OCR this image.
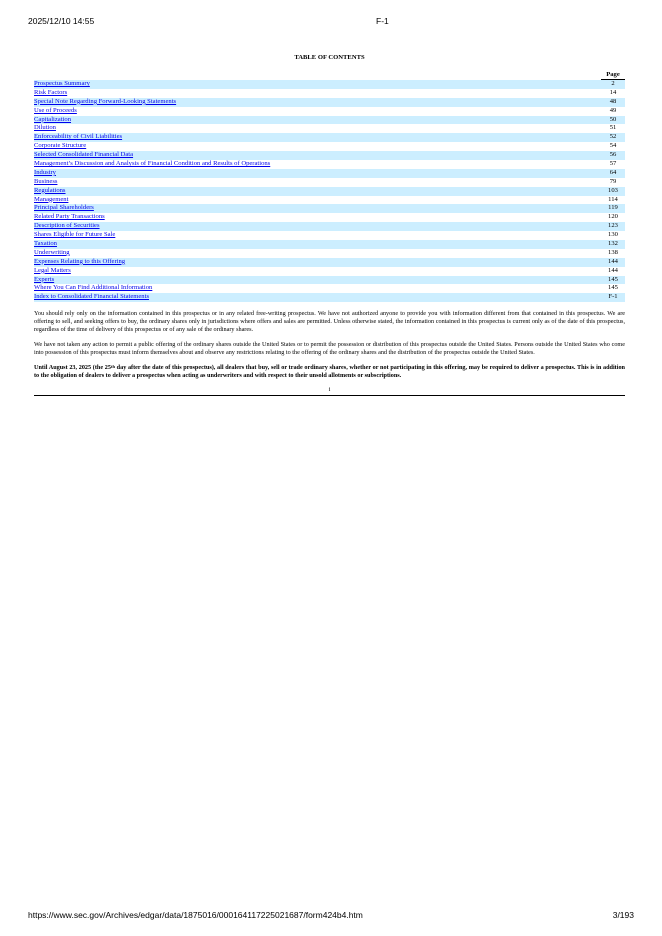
2025/12/10 14:55	F-1
TABLE OF CONTENTS
Page
Prospectus Summary	2
Risk Factors	14
Special Note Regarding Forward-Looking Statements	48
Use of Proceeds	49
Capitalization	50
Dilution	51
Enforceability of Civil Liabilities	52
Corporate Structure	54
Selected Consolidated Financial Data	56
Management’s Discussion and Analysis of Financial Condition and Results of Operations	57
Industry	64
Business	79
Regulations	103
Management	114
Principal Shareholders	119
Related Party Transactions	120
Description of Securities	123
Shares Eligible for Future Sale	130
Taxation	132
Underwriting	138
Expenses Relating to this Offering	144
Legal Matters	144
Experts	145
Where You Can Find Additional Information	145
Index to Consolidated Financial Statements	F-1

You should rely only on the information contained in this prospectus or in any related free-writing prospectus. We have not authorized anyone to provide you with information different from that contained in this prospectus. We are offering to sell, and seeking offers to buy, the ordinary shares only in jurisdictions where offers and sales are permitted. Unless otherwise stated, the information contained in this prospectus is current only as of the date of this prospectus, regardless of the time of delivery of this prospectus or of any sale of the ordinary shares.

We have not taken any action to permit a public offering of the ordinary shares outside the United States or to permit the possession or distribution of this prospectus outside the United States. Persons outside the United States who come into possession of this prospectus must inform themselves about and observe any restrictions relating to the offering of the ordinary shares and the distribution of the prospectus outside the United States.

Until August 23, 2025 (the 25th day after the date of this prospectus), all dealers that buy, sell or trade ordinary shares, whether or not participating in this offering, may be required to deliver a prospectus. This is in addition to the obligation of dealers to deliver a prospectus when acting as underwriters and with respect to their unsold allotments or subscriptions.

i
https://www.sec.gov/Archives/edgar/data/1875016/000164117225021687/form424b4.htm	3/193
